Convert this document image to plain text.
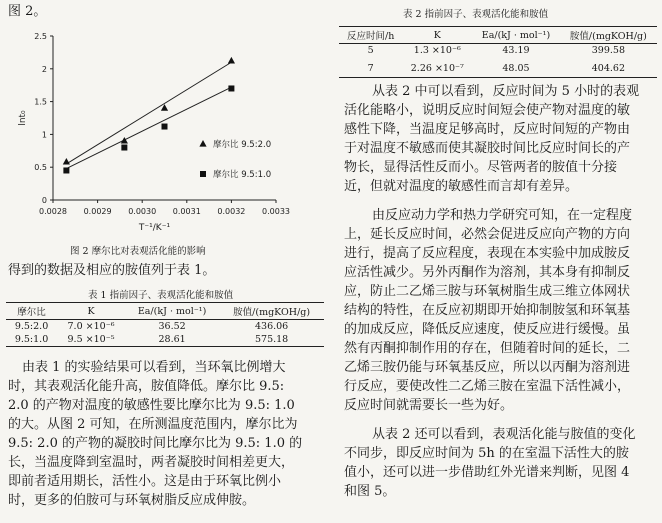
图 2。
0.0028 0.0029 0.0030 0.0031 0.0032 0.0033
0
0.5
1
1.5
2
2.5
T⁻¹/K⁻¹
lnt₀
摩尔比 9.5:2.0
摩尔比 9.5:1.0
图 2 摩尔比对表观活化能的影响
得到的数据及相应的胺值列于表 1。
表 1 指前因子、表观活化能和胺值
摩尔比	K	Ea/(kJ · mol⁻¹)	胺值/(mgKOH/g)
9.5:2.0	7.0 ×10⁻⁶	36.52	436.06
9.5:1.0	9.5 ×10⁻⁵	28.61	575.18
由表 1 的实验结果可以看到，当环氧比例增大
时，其表观活化能升高，胺值降低。摩尔比 9.5:
2.0 的产物对温度的敏感性要比摩尔比为 9.5: 1.0
的大。从图 2 可知，在所测温度范围内，摩尔比为
9.5: 2.0 的产物的凝胶时间比摩尔比为 9.5: 1.0 的
长，当温度降到室温时，两者凝胶时间相差更大，
即前者适用期长，活性小。这是由于环氧比例小
时，更多的伯胺可与环氧树脂反应成伸胺。
表 2 指前因子、表观活化能和胺值
反应时间/h	K	Ea/(kJ · mol⁻¹)	胺值/(mgKOH/g)
5	1.3 ×10⁻⁶	43.19	399.58
7	2.26 ×10⁻⁷	48.05	404.62
从表 2 中可以看到，反应时间为 5 小时的表观
活化能略小，说明反应时间短会使产物对温度的敏
感性下降，当温度足够高时，反应时间短的产物由
于对温度不敏感而使其凝胶时间比反应时间长的产
物长，显得活性反而小。尽管两者的胺值十分接
近，但就对温度的敏感性而言却有差异。
由反应动力学和热力学研究可知，在一定程度
上，延长反应时间，必然会促进反应向产物的方向
进行，提高了反应程度，表现在本实验中加成胺反
应活性减少。另外丙酮作为溶剂，其本身有抑制反
应，防止二乙烯三胺与环氧树脂生成三维立体网状
结构的特性，在反应初期即开始抑制胺氢和环氧基
的加成反应，降低反应速度，使反应进行缓慢。虽
然有丙酮抑制作用的存在，但随着时间的延长，二
乙烯三胺仍能与环氧基反应，所以以丙酮为溶剂进
行反应，要使改性二乙烯三胺在室温下活性减小，
反应时间就需要长一些为好。
从表 2 还可以看到，表观活化能与胺值的变化
不同步，即反应时间为 5h 的在室温下活性大的胺
值小，还可以进一步借助红外光谱来判断，见图 4
和图 5。
